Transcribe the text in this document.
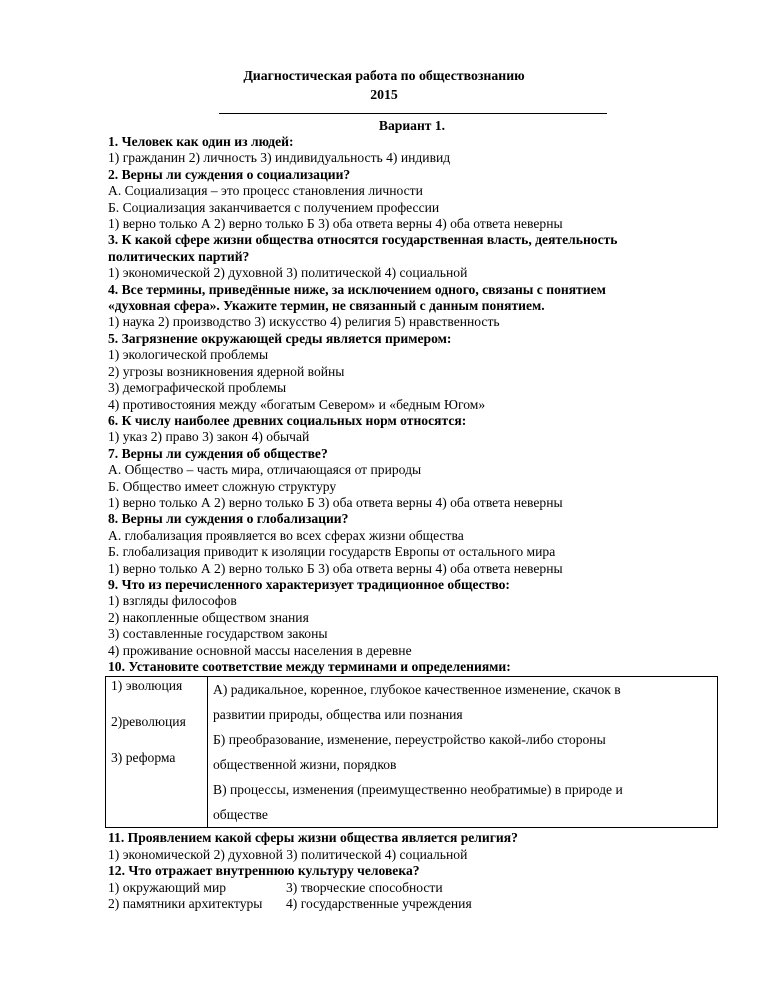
Диагностическая работа по обществознанию
2015
Вариант 1.

1. Человек как один из людей:

1) гражданин 2) личность 3) индивидуальность 4) индивид

2. Верны ли суждения о социализации?

А. Социализация – это процесс становления личности

Б. Социализация заканчивается с получением профессии

1) верно только А 2) верно только Б 3) оба ответа верны 4) оба ответа неверны

3. К какой сфере жизни общества относятся государственная власть, деятельность

политических партий?

1) экономической 2) духовной 3) политической 4) социальной

4. Все термины, приведённые ниже, за исключением одного, связаны с понятием

«духовная сфера». Укажите термин, не связанный с данным понятием.

1) наука 2) производство 3) искусство 4) религия 5) нравственность

5. Загрязнение окружающей среды является примером:

1) экологической проблемы

2) угрозы возникновения ядерной войны

3) демографической проблемы

4) противостояния между «богатым Севером» и «бедным Югом»

6. К числу наиболее древних социальных норм относятся:

1) указ 2) право 3) закон 4) обычай

7. Верны ли суждения об обществе?

А. Общество – часть мира, отличающаяся от природы

Б. Общество имеет сложную структуру

1) верно только А 2) верно только Б 3) оба ответа верны 4) оба ответа неверны

8. Верны ли суждения о глобализации?

А. глобализация проявляется во всех сферах жизни общества

Б. глобализация приводит к изоляции государств Европы от остального мира

1) верно только А 2) верно только Б 3) оба ответа верны 4) оба ответа неверны

9. Что из перечисленного характеризует традиционное общество:

1) взгляды философов

2) накопленные обществом знания

3) составленные государством законы

4) проживание основной массы населения в деревне

10. Установите соответствие между терминами и определениями:

1) эволюция
2)революция
3) реформа

А) радикальное, коренное, глубокое качественное изменение, скачок в
развитии природы, общества или познания
Б) преобразование, изменение, переустройство какой-либо стороны
общественной жизни, порядков
В) процессы, изменения (преимущественно необратимые) в природе и
обществе

11. Проявлением какой сферы жизни общества является религия?

1) экономической 2) духовной 3) политической 4) социальной

12. Что отражает внутреннюю культуру человека?

1) окружающий мир	3) творческие способности

2) памятники архитектуры 4) государственные учреждения
